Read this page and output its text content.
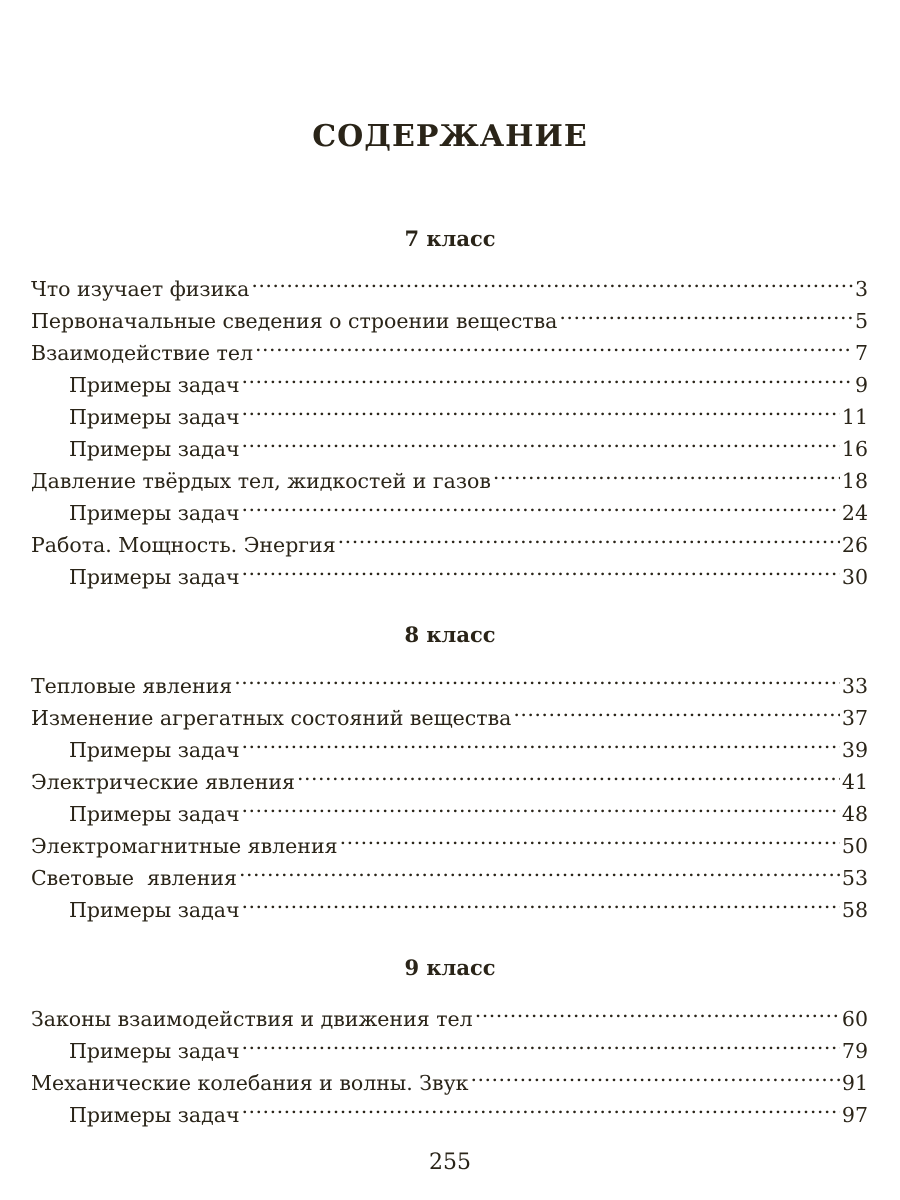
СОДЕРЖАНИЕ
7 класс
Что изучает физика .....	3
Первоначальные сведения о строении вещества .....	5
Взаимодействие тел .....	7
Примеры задач .....	9
Примеры задач .....	11
Примеры задач .....	16
Давление твёрдых тел, жидкостей и газов .....	18
Примеры задач .....	24
Работа. Мощность. Энергия .....	26
Примеры задач .....	30
8 класс
Тепловые явления .....	33
Изменение агрегатных состояний вещества .....	37
Примеры задач .....	39
Электрические явления .....	41
Примеры задач .....	48
Электромагнитные явления .....	50
Световые  явления .....	53
Примеры задач .....	58
9 класс
Законы взаимодействия и движения тел .....	60
Примеры задач .....	79
Механические колебания и волны. Звук .....	91
Примеры задач .....	97
255
